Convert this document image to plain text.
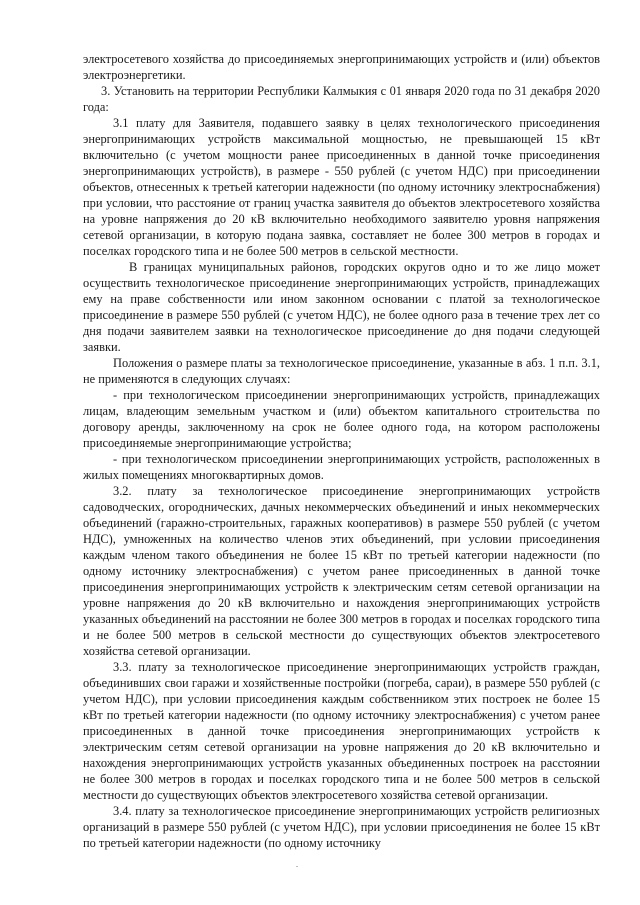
электросетевого хозяйства до присоединяемых энергопринимающих устройств и (или) объектов электроэнергетики.

3. Установить на территории Республики Калмыкия с 01 января 2020 года по 31 декабря 2020 года:

3.1 плату для Заявителя, подавшего заявку в целях технологического присоединения энергопринимающих устройств максимальной мощностью, не превышающей 15 кВт включительно (с учетом мощности ранее присоединенных в данной точке присоединения энергопринимающих устройств), в размере - 550 рублей (с учетом НДС) при присоединении объектов, отнесенных к третьей категории надежности (по одному источнику электроснабжения) при условии, что расстояние от границ участка заявителя до объектов электросетевого хозяйства на уровне напряжения до 20 кВ включительно необходимого заявителю уровня напряжения сетевой организации, в которую подана заявка, составляет не более 300 метров в городах и поселках городского типа и не более 500 метров в сельской местности.

В границах муниципальных районов, городских округов одно и то же лицо может осуществить технологическое присоединение энергопринимающих устройств, принадлежащих ему на праве собственности или ином законном основании с платой за технологическое присоединение в размере 550 рублей (с учетом НДС), не более одного раза в течение трех лет со дня подачи заявителем заявки на технологическое присоединение до дня подачи следующей заявки.

Положения о размере платы за технологическое присоединение, указанные в абз. 1 п.п. 3.1, не применяются в следующих случаях:

- при технологическом присоединении энергопринимающих устройств, принадлежащих лицам, владеющим земельным участком и (или) объектом капитального строительства по договору аренды, заключенному на срок не более одного года, на котором расположены присоединяемые энергопринимающие устройства;

- при технологическом присоединении энергопринимающих устройств, расположенных в жилых помещениях многоквартирных домов.

3.2. плату за технологическое присоединение энергопринимающих устройств садоводческих, огороднических, дачных некоммерческих объединений и иных некоммерческих объединений (гаражно-строительных, гаражных кооперативов) в размере 550 рублей (с учетом НДС), умноженных на количество членов этих объединений, при условии присоединения каждым членом такого объединения не более 15 кВт по третьей категории надежности (по одному источнику электроснабжения) с учетом ранее присоединенных в данной точке присоединения энергопринимающих устройств к электрическим сетям сетевой организации на уровне напряжения до 20 кВ включительно и нахождения энергопринимающих устройств указанных объединений на расстоянии не более 300 метров в городах и поселках городского типа и не более 500 метров в сельской местности до существующих объектов электросетевого хозяйства сетевой организации.

3.3. плату за технологическое присоединение энергопринимающих устройств граждан, объединивших свои гаражи и хозяйственные постройки (погреба, сараи), в размере 550 рублей (с учетом НДС), при условии присоединения каждым собственником этих построек не более 15 кВт по третьей категории надежности (по одному источнику электроснабжения) с учетом ранее присоединенных в данной точке присоединения энергопринимающих устройств к электрическим сетям сетевой организации на уровне напряжения до 20 кВ включительно и нахождения энергопринимающих устройств указанных объединенных построек на расстоянии не более 300 метров в городах и поселках городского типа и не более 500 метров в сельской местности до существующих объектов электросетевого хозяйства сетевой организации.

3.4. плату за технологическое присоединение энергопринимающих устройств религиозных организаций в размере 550 рублей (с учетом НДС), при условии присоединения не более 15 кВт по третьей категории надежности (по одному источнику
